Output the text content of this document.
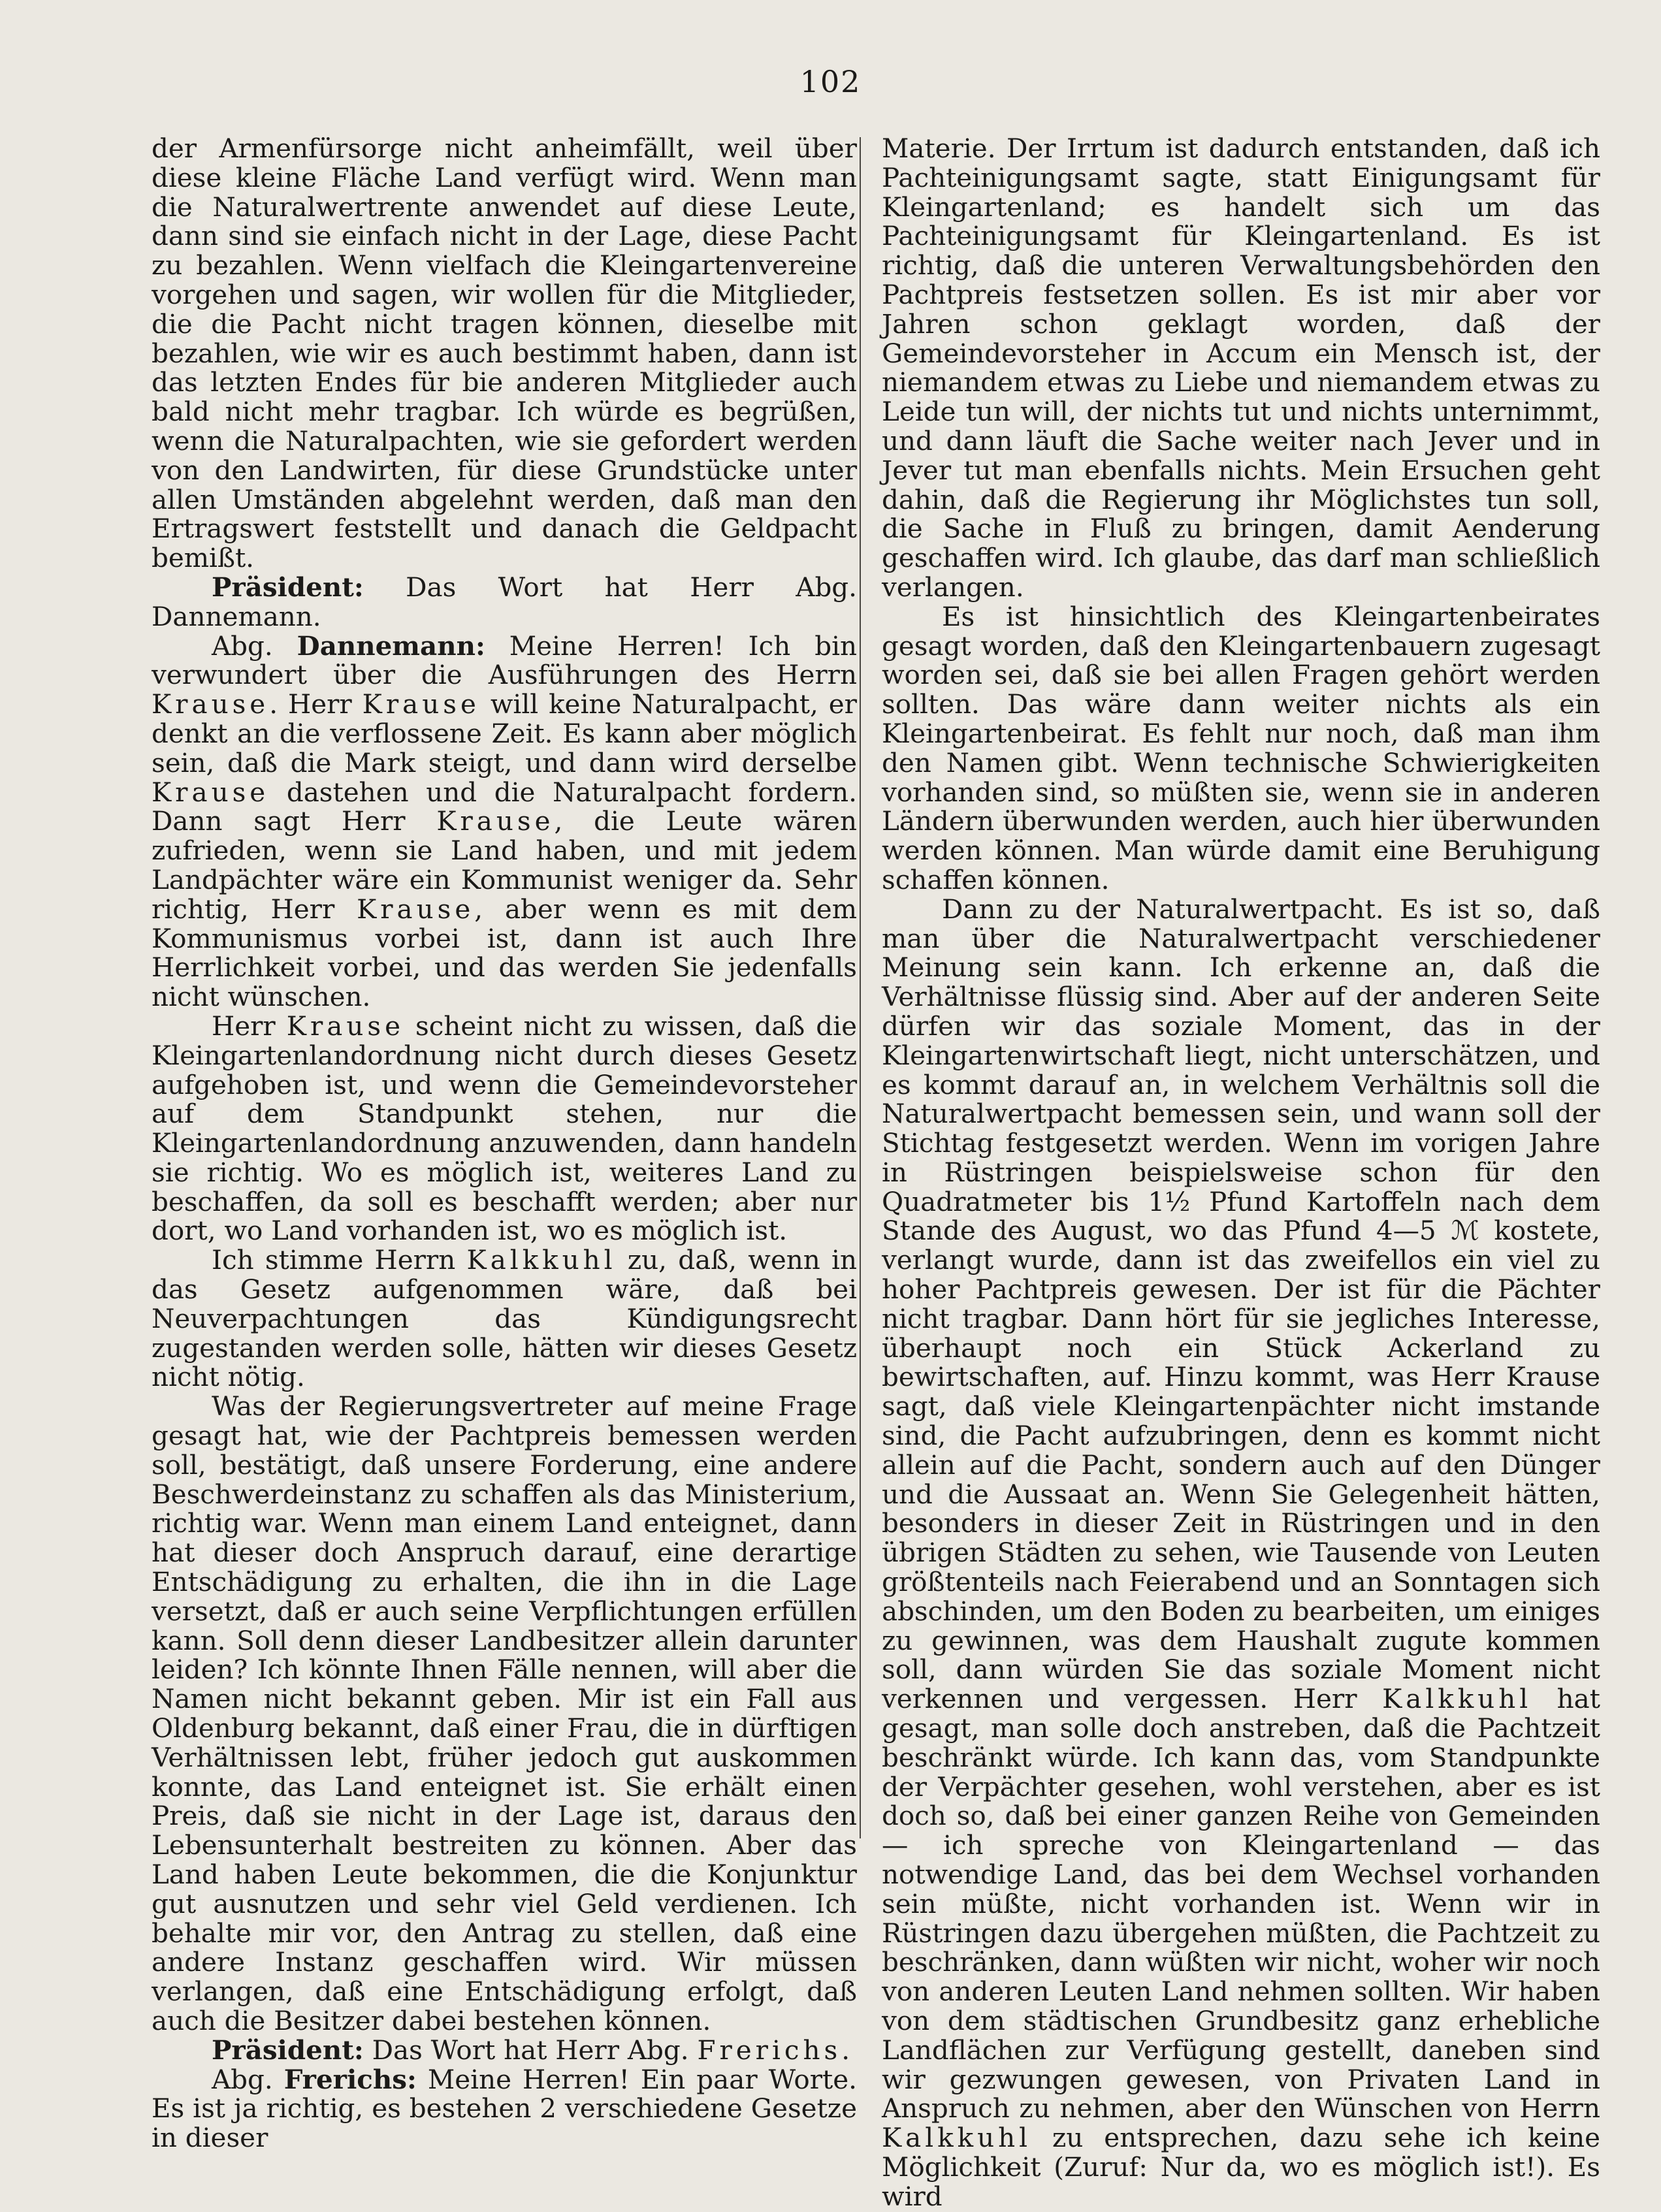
102

der Armenfürsorge nicht anheimfällt, weil über diese kleine Fläche Land verfügt wird. Wenn man die Naturalwertrente anwendet auf diese Leute, dann sind sie einfach nicht in der Lage, diese Pacht zu bezahlen. Wenn vielfach die Kleingartenvereine vorgehen und sagen, wir wollen für die Mitglieder, die die Pacht nicht tragen können, dieselbe mit bezahlen, wie wir es auch bestimmt haben, dann ist das letzten Endes für bie anderen Mitglieder auch bald nicht mehr tragbar. Ich würde es begrüßen, wenn die Naturalpachten, wie sie gefordert werden von den Landwirten, für diese Grundstücke unter allen Umständen abgelehnt werden, daß man den Ertragswert feststellt und danach die Geldpacht bemißt.

Präsident: Das Wort hat Herr Abg. Dannemann.

Abg. Dannemann: Meine Herren! Ich bin verwundert über die Ausführungen des Herrn Krause. Herr Krause will keine Naturalpacht, er denkt an die verflossene Zeit. Es kann aber möglich sein, daß die Mark steigt, und dann wird derselbe Krause dastehen und die Naturalpacht fordern. Dann sagt Herr Krause, die Leute wären zufrieden, wenn sie Land haben, und mit jedem Landpächter wäre ein Kommunist weniger da. Sehr richtig, Herr Krause, aber wenn es mit dem Kommunismus vorbei ist, dann ist auch Ihre Herrlichkeit vorbei, und das werden Sie jedenfalls nicht wünschen.

Herr Krause scheint nicht zu wissen, daß die Kleingartenlandordnung nicht durch dieses Gesetz aufgehoben ist, und wenn die Gemeindevorsteher auf dem Standpunkt stehen, nur die Kleingartenlandordnung anzuwenden, dann handeln sie richtig. Wo es möglich ist, weiteres Land zu beschaffen, da soll es beschafft werden; aber nur dort, wo Land vorhanden ist, wo es möglich ist.

Ich stimme Herrn Kalkkuhl zu, daß, wenn in das Gesetz aufgenommen wäre, daß bei Neuverpachtungen das Kündigungsrecht zugestanden werden solle, hätten wir dieses Gesetz nicht nötig.

Was der Regierungsvertreter auf meine Frage gesagt hat, wie der Pachtpreis bemessen werden soll, bestätigt, daß unsere Forderung, eine andere Beschwerdeinstanz zu schaffen als das Ministerium, richtig war. Wenn man einem Land enteignet, dann hat dieser doch Anspruch darauf, eine derartige Entschädigung zu erhalten, die ihn in die Lage versetzt, daß er auch seine Verpflichtungen erfüllen kann. Soll denn dieser Landbesitzer allein darunter leiden? Ich könnte Ihnen Fälle nennen, will aber die Namen nicht bekannt geben. Mir ist ein Fall aus Oldenburg bekannt, daß einer Frau, die in dürftigen Verhältnissen lebt, früher jedoch gut auskommen konnte, das Land enteignet ist. Sie erhält einen Preis, daß sie nicht in der Lage ist, daraus den Lebensunterhalt bestreiten zu können. Aber das Land haben Leute bekommen, die die Konjunktur gut ausnutzen und sehr viel Geld verdienen. Ich behalte mir vor, den Antrag zu stellen, daß eine andere Instanz geschaffen wird. Wir müssen verlangen, daß eine Entschädigung erfolgt, daß auch die Besitzer dabei bestehen können.

Präsident: Das Wort hat Herr Abg. Frerichs.

Abg. Frerichs: Meine Herren! Ein paar Worte. Es ist ja richtig, es bestehen 2 verschiedene Gesetze in dieser

Materie. Der Irrtum ist dadurch entstanden, daß ich Pachteinigungsamt sagte, statt Einigungsamt für Kleingartenland; es handelt sich um das Pachteinigungsamt für Kleingartenland. Es ist richtig, daß die unteren Verwaltungsbehörden den Pachtpreis festsetzen sollen. Es ist mir aber vor Jahren schon geklagt worden, daß der Gemeindevorsteher in Accum ein Mensch ist, der niemandem etwas zu Liebe und niemandem etwas zu Leide tun will, der nichts tut und nichts unternimmt, und dann läuft die Sache weiter nach Jever und in Jever tut man ebenfalls nichts. Mein Ersuchen geht dahin, daß die Regierung ihr Möglichstes tun soll, die Sache in Fluß zu bringen, damit Aenderung geschaffen wird. Ich glaube, das darf man schließlich verlangen.

Es ist hinsichtlich des Kleingartenbeirates gesagt worden, daß den Kleingartenbauern zugesagt worden sei, daß sie bei allen Fragen gehört werden sollten. Das wäre dann weiter nichts als ein Kleingartenbeirat. Es fehlt nur noch, daß man ihm den Namen gibt. Wenn technische Schwierigkeiten vorhanden sind, so müßten sie, wenn sie in anderen Ländern überwunden werden, auch hier überwunden werden können. Man würde damit eine Beruhigung schaffen können.

Dann zu der Naturalwertpacht. Es ist so, daß man über die Naturalwertpacht verschiedener Meinung sein kann. Ich erkenne an, daß die Verhältnisse flüssig sind. Aber auf der anderen Seite dürfen wir das soziale Moment, das in der Kleingartenwirtschaft liegt, nicht unterschätzen, und es kommt darauf an, in welchem Verhältnis soll die Naturalwertpacht bemessen sein, und wann soll der Stichtag festgesetzt werden. Wenn im vorigen Jahre in Rüstringen beispielsweise schon für den Quadratmeter bis 1½ Pfund Kartoffeln nach dem Stande des August, wo das Pfund 4—5 ℳ kostete, verlangt wurde, dann ist das zweifellos ein viel zu hoher Pachtpreis gewesen. Der ist für die Pächter nicht tragbar. Dann hört für sie jegliches Interesse, überhaupt noch ein Stück Ackerland zu bewirtschaften, auf. Hinzu kommt, was Herr Krause sagt, daß viele Kleingartenpächter nicht imstande sind, die Pacht aufzubringen, denn es kommt nicht allein auf die Pacht, sondern auch auf den Dünger und die Aussaat an. Wenn Sie Gelegenheit hätten, besonders in dieser Zeit in Rüstringen und in den übrigen Städten zu sehen, wie Tausende von Leuten größtenteils nach Feierabend und an Sonntagen sich abschinden, um den Boden zu bearbeiten, um einiges zu gewinnen, was dem Haushalt zugute kommen soll, dann würden Sie das soziale Moment nicht verkennen und vergessen. Herr Kalkkuhl hat gesagt, man solle doch anstreben, daß die Pachtzeit beschränkt würde. Ich kann das, vom Standpunkte der Verpächter gesehen, wohl verstehen, aber es ist doch so, daß bei einer ganzen Reihe von Gemeinden — ich spreche von Kleingartenland — das notwendige Land, das bei dem Wechsel vorhanden sein müßte, nicht vorhanden ist. Wenn wir in Rüstringen dazu übergehen müßten, die Pachtzeit zu beschränken, dann wüßten wir nicht, woher wir noch von anderen Leuten Land nehmen sollten. Wir haben von dem städtischen Grundbesitz ganz erhebliche Landflächen zur Verfügung gestellt, daneben sind wir gezwungen gewesen, von Privaten Land in Anspruch zu nehmen, aber den Wünschen von Herrn Kalkkuhl zu entsprechen, dazu sehe ich keine Möglichkeit (Zuruf: Nur da, wo es möglich ist!). Es wird
